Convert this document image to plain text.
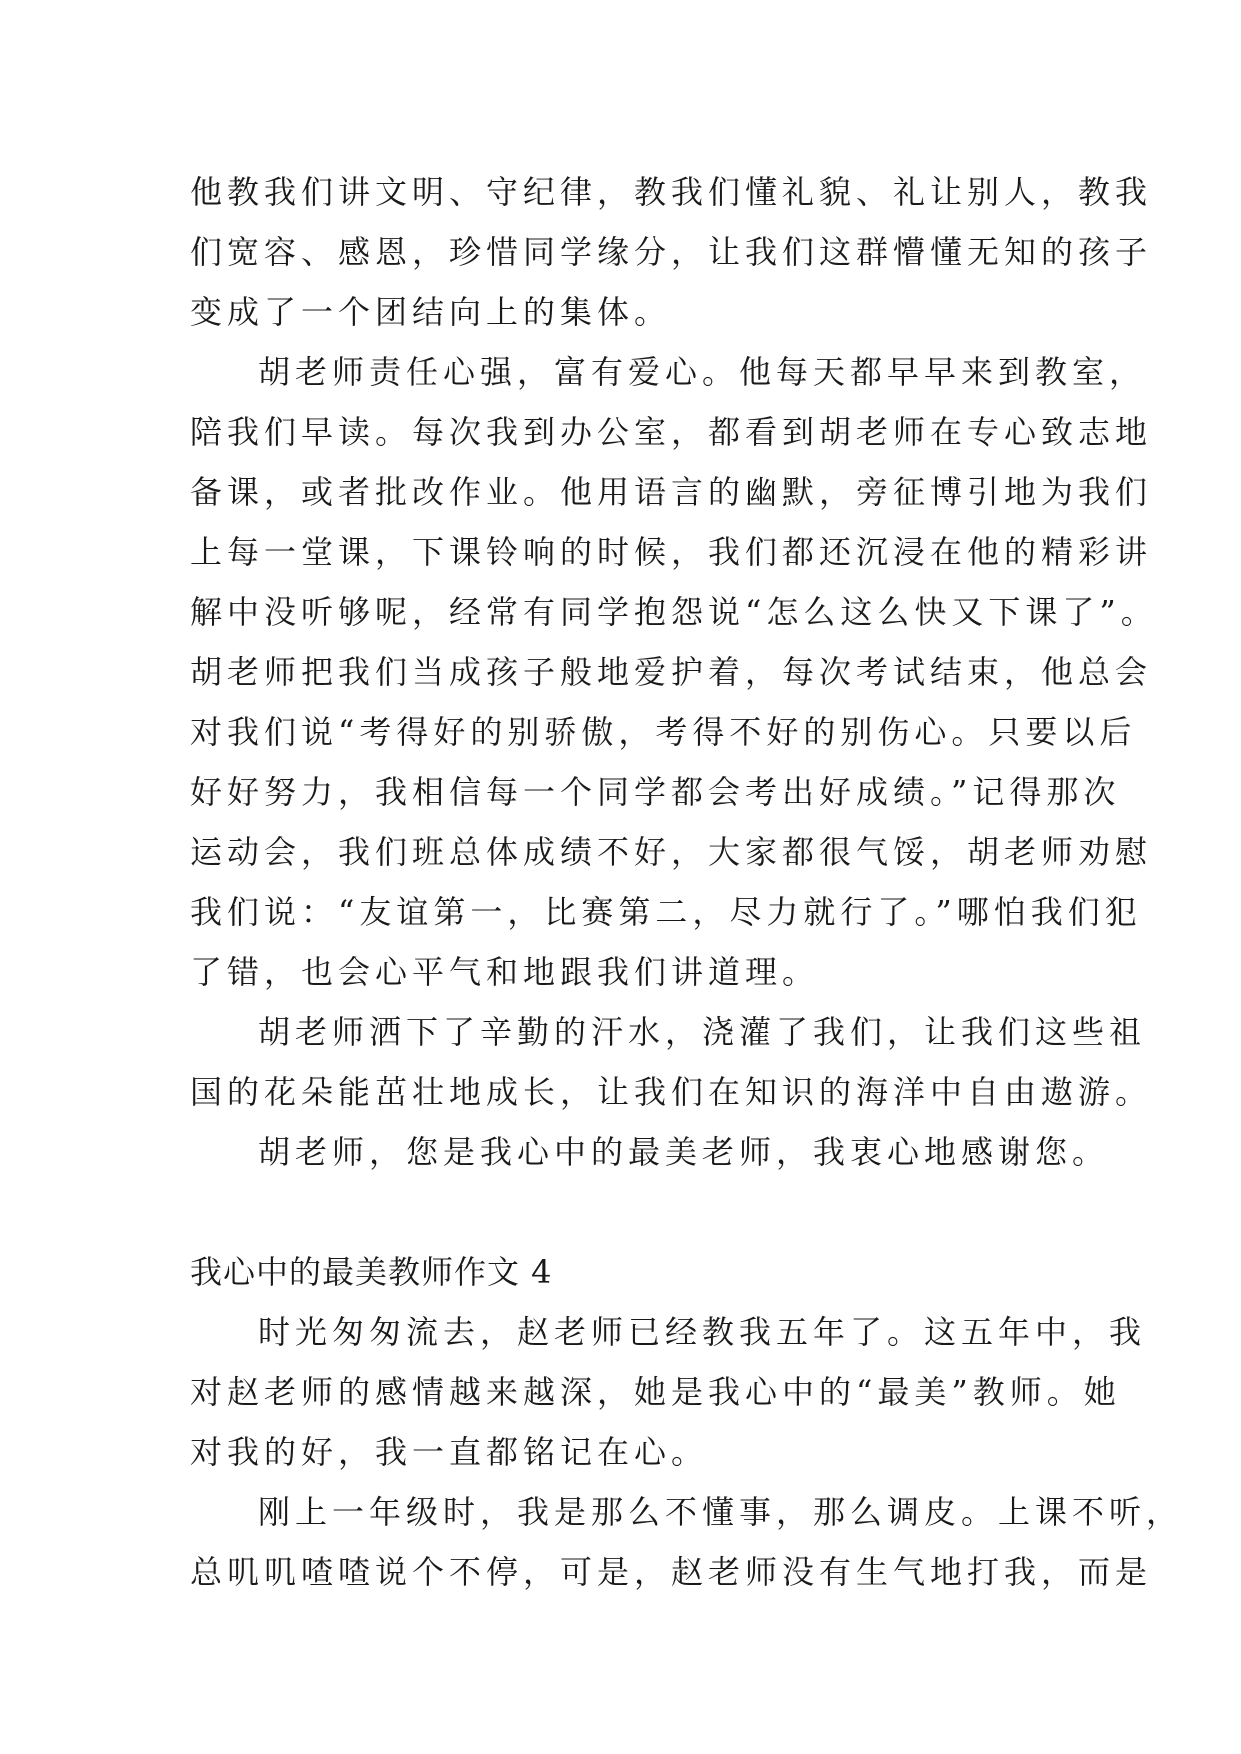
他教我们讲文明、守纪律，教我们懂礼貌、礼让别人，教我
们宽容、感恩，珍惜同学缘分，让我们这群懵懂无知的孩子
变成了一个团结向上的集体。
胡老师责任心强，富有爱心。他每天都早早来到教室，
陪我们早读。每次我到办公室，都看到胡老师在专心致志地
备课，或者批改作业。他用语言的幽默，旁征博引地为我们
上每一堂课，下课铃响的时候，我们都还沉浸在他的精彩讲
解中没听够呢，经常有同学抱怨说“怎么这么快又下课了”。
胡老师把我们当成孩子般地爱护着，每次考试结束，他总会
对我们说“考得好的别骄傲，考得不好的别伤心。只要以后
好好努力，我相信每一个同学都会考出好成绩。”记得那次
运动会，我们班总体成绩不好，大家都很气馁，胡老师劝慰
我们说：“友谊第一，比赛第二，尽力就行了。”哪怕我们犯
了错，也会心平气和地跟我们讲道理。
胡老师洒下了辛勤的汗水，浇灌了我们，让我们这些祖
国的花朵能茁壮地成长，让我们在知识的海洋中自由遨游。
胡老师，您是我心中的最美老师，我衷心地感谢您。
我心中的最美教师作文 4
时光匆匆流去，赵老师已经教我五年了。这五年中，我
对赵老师的感情越来越深，她是我心中的“最美”教师。她
对我的好，我一直都铭记在心。
刚上一年级时，我是那么不懂事，那么调皮。上课不听，
总叽叽喳喳说个不停，可是，赵老师没有生气地打我，而是
